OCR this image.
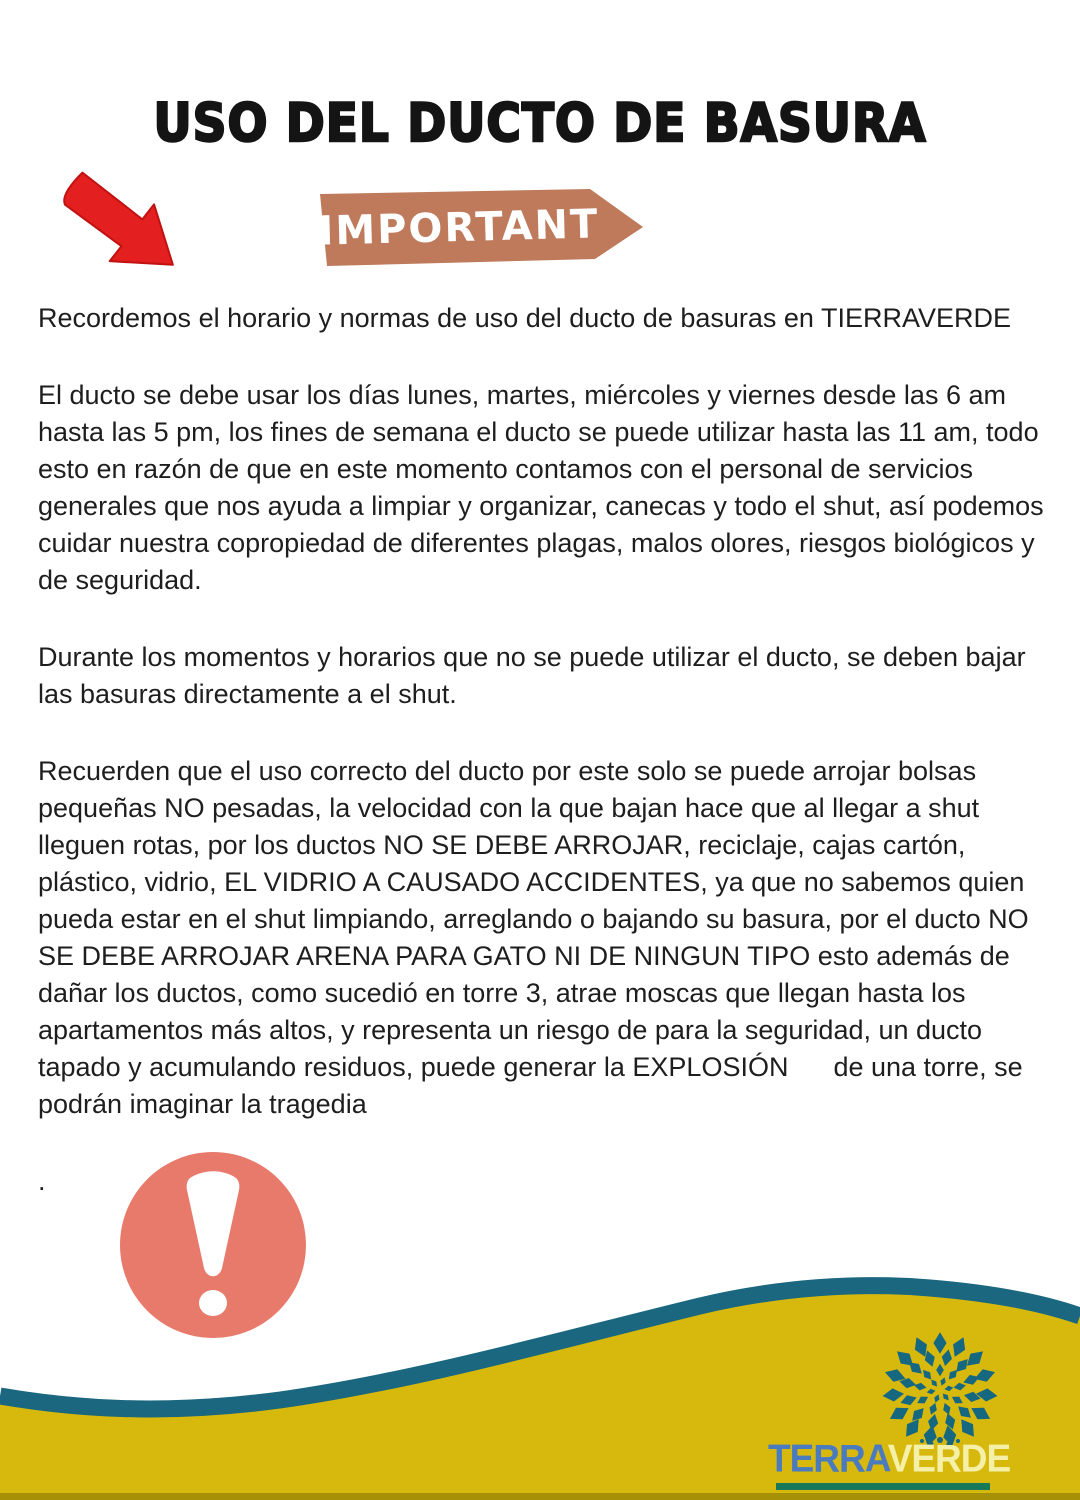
USO DEL DUCTO DE BASURA
IMPORTANT

Recordemos el horario y normas de uso del ducto de basuras en TIERRAVERDE

El ducto se debe usar los días lunes, martes, miércoles y viernes desde las 6 am hasta las 5 pm, los fines de semana el ducto se puede utilizar hasta las 11 am, todo esto en razón de que en este momento contamos con el personal de servicios generales que nos ayuda a limpiar y organizar, canecas y todo el shut, así podemos cuidar nuestra copropiedad de diferentes plagas, malos olores, riesgos biológicos y de seguridad.

Durante los momentos y horarios que no se puede utilizar el ducto, se deben bajar las basuras directamente a el shut.

Recuerden que el uso correcto del ducto por este solo se puede arrojar bolsas pequeñas NO pesadas, la velocidad con la que bajan hace que al llegar a shut lleguen rotas, por los ductos NO SE DEBE ARROJAR, reciclaje, cajas cartón, plástico, vidrio, EL VIDRIO A CAUSADO ACCIDENTES, ya que no sabemos quien pueda estar en el shut limpiando, arreglando o bajando su basura, por el ducto NO SE DEBE ARROJAR ARENA PARA GATO NI DE NINGUN TIPO esto además de dañar los ductos, como sucedió en torre 3, atrae moscas que llegan hasta los apartamentos más altos, y representa un riesgo de para la seguridad, un ducto tapado y acumulando residuos, puede generar la EXPLOSIÓN      de una torre, se podrán imaginar la tragedia

.

TERRAVERDE
